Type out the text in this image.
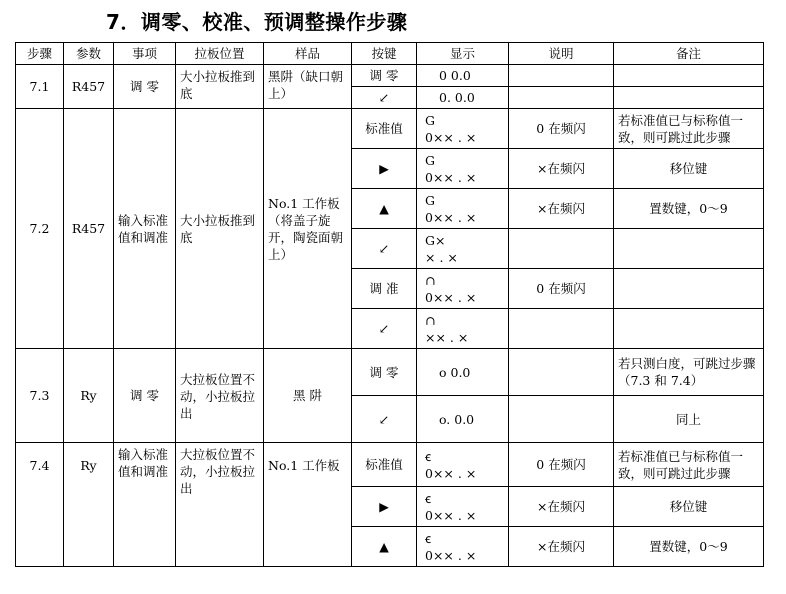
7．调零、校准、预调整操作步骤
步骤	参数	事项	拉板位置	样品	按键	显示	说明	备注
7.1	R457	调 零	大小拉板推到底	黑阱（缺口朝上）	调 零	0 0.0		
					↙	0. 0.0		
7.2	R457	输入标准值和调准	大小拉板推到底	No.1 工作板（将盖子旋开，陶瓷面朝上）	标准值	G
0×× . ×	0 在频闪	若标准值已与标称值一致，则可跳过此步骤
					▶	G
0×× . ×	×在频闪	移位键
					▲	G
0×× . ×	×在频闪	置数键，0～9
					↙	G×
× . ×		

					调 准	∩
0×× . ×	0 在频闪	
					↙	∩
×× . ×		

7.3	Ry	调 零	大拉板位置不动，小拉板拉出	黑 阱	调 零	o 0.0		若只测白度，可跳过步骤（7.3 和 7.4）
					↙	o. 0.0		同上
7.4	Ry	输入标准值和调准	大拉板位置不动，小拉板拉出	No.1 工作板	标准值	ꞓ
0×× . ×	0 在频闪	若标准值已与标称值一致，则可跳过此步骤
					▶	ꞓ
0×× . ×	×在频闪	移位键
					▲	ꞓ
0×× . ×	×在频闪	置数键，0～9
